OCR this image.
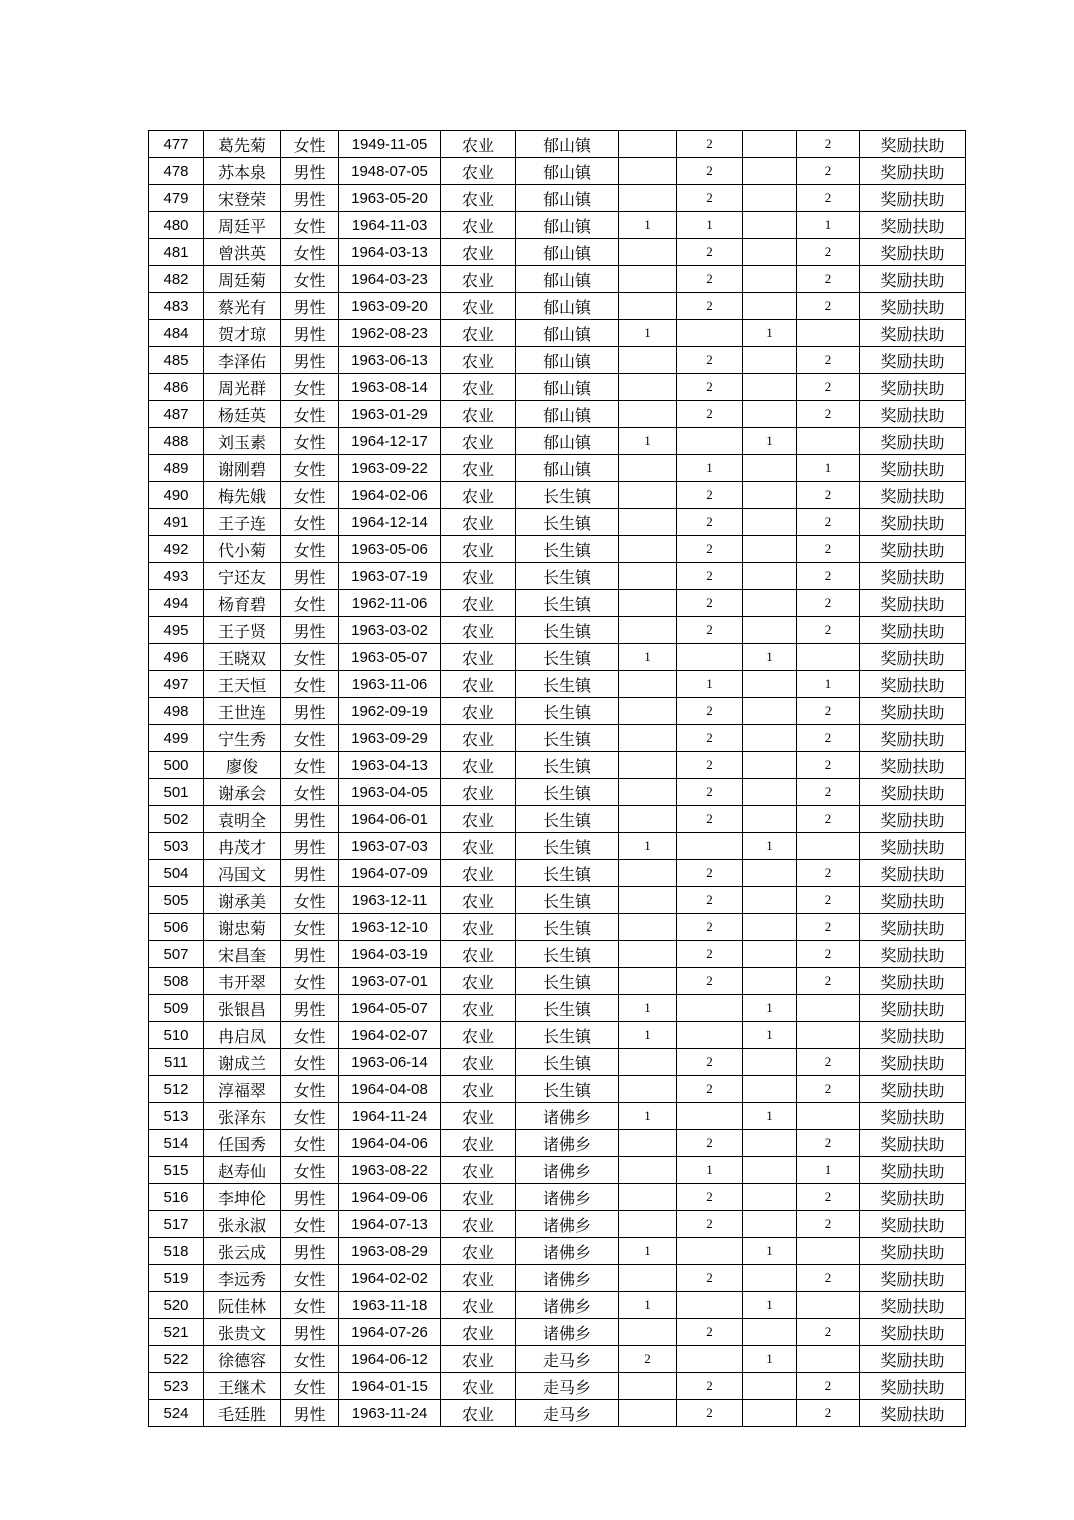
477	葛先菊	女性	1949-11-05	农业	郁山镇		2		2	奖励扶助
478	苏本泉	男性	1948-07-05	农业	郁山镇		2		2	奖励扶助
479	宋登荣	男性	1963-05-20	农业	郁山镇		2		2	奖励扶助
480	周廷平	女性	1964-11-03	农业	郁山镇	1	1		1	奖励扶助
481	曾洪英	女性	1964-03-13	农业	郁山镇		2		2	奖励扶助
482	周廷菊	女性	1964-03-23	农业	郁山镇		2		2	奖励扶助
483	蔡光有	男性	1963-09-20	农业	郁山镇		2		2	奖励扶助
484	贺才琼	男性	1962-08-23	农业	郁山镇	1		1		奖励扶助
485	李泽佑	男性	1963-06-13	农业	郁山镇		2		2	奖励扶助
486	周光群	女性	1963-08-14	农业	郁山镇		2		2	奖励扶助
487	杨廷英	女性	1963-01-29	农业	郁山镇		2		2	奖励扶助
488	刘玉素	女性	1964-12-17	农业	郁山镇	1		1		奖励扶助
489	谢刚碧	女性	1963-09-22	农业	郁山镇		1		1	奖励扶助
490	梅先娥	女性	1964-02-06	农业	长生镇		2		2	奖励扶助
491	王子连	女性	1964-12-14	农业	长生镇		2		2	奖励扶助
492	代小菊	女性	1963-05-06	农业	长生镇		2		2	奖励扶助
493	宁还友	男性	1963-07-19	农业	长生镇		2		2	奖励扶助
494	杨育碧	女性	1962-11-06	农业	长生镇		2		2	奖励扶助
495	王子贤	男性	1963-03-02	农业	长生镇		2		2	奖励扶助
496	王晓双	女性	1963-05-07	农业	长生镇	1		1		奖励扶助
497	王天恒	女性	1963-11-06	农业	长生镇		1		1	奖励扶助
498	王世连	男性	1962-09-19	农业	长生镇		2		2	奖励扶助
499	宁生秀	女性	1963-09-29	农业	长生镇		2		2	奖励扶助
500	廖俊	女性	1963-04-13	农业	长生镇		2		2	奖励扶助
501	谢承会	女性	1963-04-05	农业	长生镇		2		2	奖励扶助
502	袁明全	男性	1964-06-01	农业	长生镇		2		2	奖励扶助
503	冉茂才	男性	1963-07-03	农业	长生镇	1		1		奖励扶助
504	冯国文	男性	1964-07-09	农业	长生镇		2		2	奖励扶助
505	谢承美	女性	1963-12-11	农业	长生镇		2		2	奖励扶助
506	谢忠菊	女性	1963-12-10	农业	长生镇		2		2	奖励扶助
507	宋昌奎	男性	1964-03-19	农业	长生镇		2		2	奖励扶助
508	韦开翠	女性	1963-07-01	农业	长生镇		2		2	奖励扶助
509	张银昌	男性	1964-05-07	农业	长生镇	1		1		奖励扶助
510	冉启凤	女性	1964-02-07	农业	长生镇	1		1		奖励扶助
511	谢成兰	女性	1963-06-14	农业	长生镇		2		2	奖励扶助
512	淳福翠	女性	1964-04-08	农业	长生镇		2		2	奖励扶助
513	张泽东	女性	1964-11-24	农业	诸佛乡	1		1		奖励扶助
514	任国秀	女性	1964-04-06	农业	诸佛乡		2		2	奖励扶助
515	赵寿仙	女性	1963-08-22	农业	诸佛乡		1		1	奖励扶助
516	李坤伦	男性	1964-09-06	农业	诸佛乡		2		2	奖励扶助
517	张永淑	女性	1964-07-13	农业	诸佛乡		2		2	奖励扶助
518	张云成	男性	1963-08-29	农业	诸佛乡	1		1		奖励扶助
519	李远秀	女性	1964-02-02	农业	诸佛乡		2		2	奖励扶助
520	阮佳林	女性	1963-11-18	农业	诸佛乡	1		1		奖励扶助
521	张贵文	男性	1964-07-26	农业	诸佛乡		2		2	奖励扶助
522	徐德容	女性	1964-06-12	农业	走马乡	2		1		奖励扶助
523	王继术	女性	1964-01-15	农业	走马乡		2		2	奖励扶助
524	毛廷胜	男性	1963-11-24	农业	走马乡		2		2	奖励扶助
